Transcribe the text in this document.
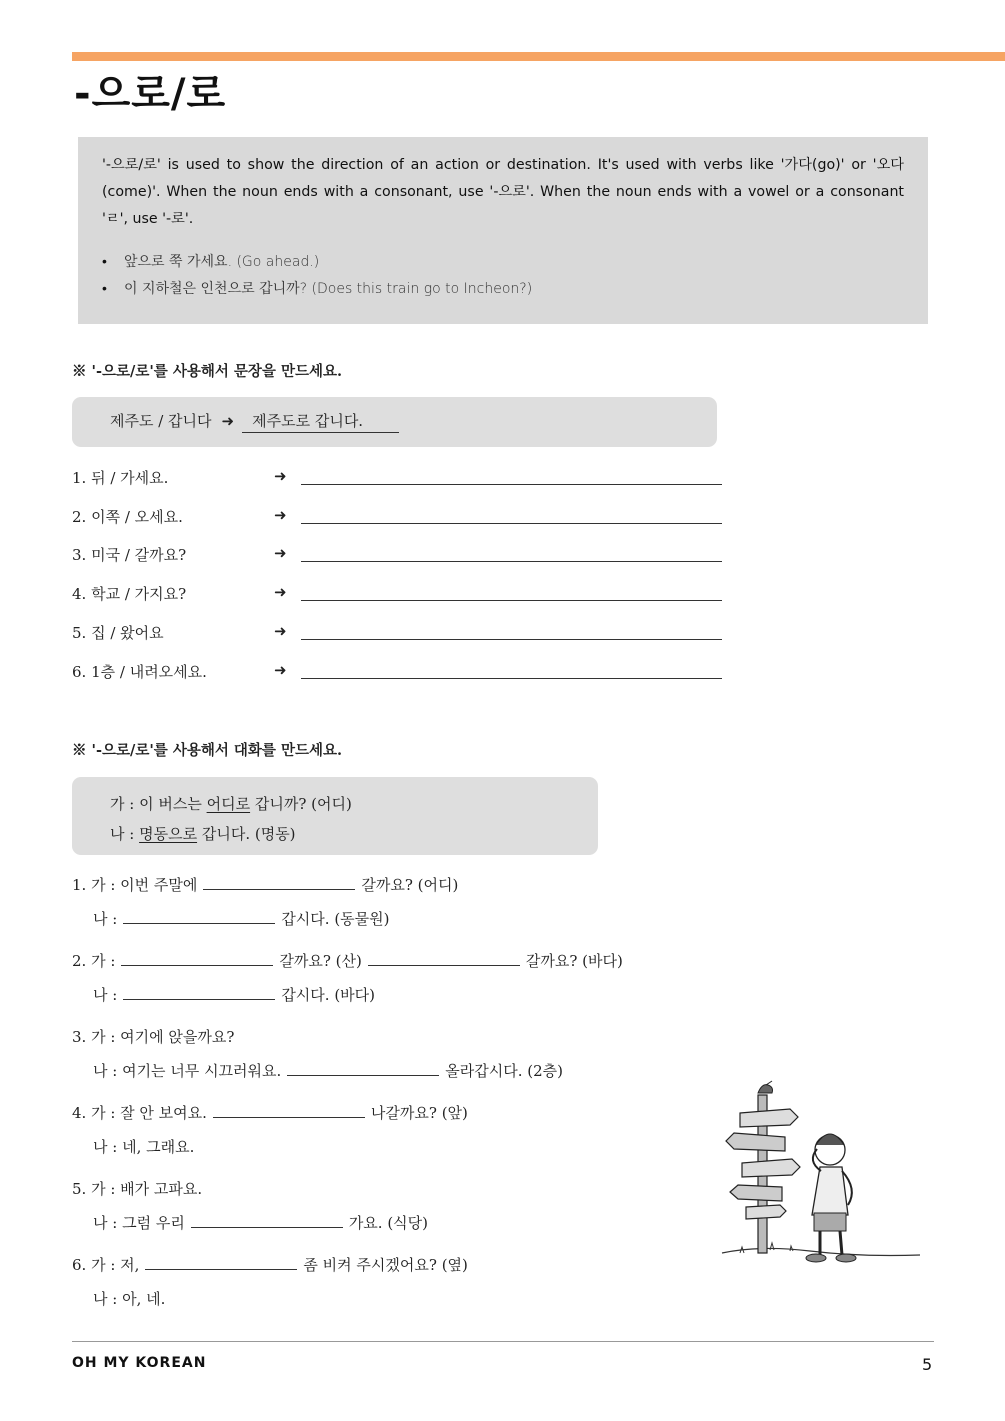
-으로/로

'-으로/로' is used to show the direction of an action or destination. It's used with verbs like '가다(go)' or '오다(come)'. When the noun ends with a consonant, use '-으로'. When the noun ends with a vowel or a consonant 'ㄹ', use '-로'.

• 앞으로 쭉 가세요. (Go ahead.)
• 이 지하철은 인천으로 갑니까? (Does this train go to Incheon?)
※ '-으로/로'를 사용해서 문장을 만드세요.
제주도 / 갑니다 ➜ 제주도로 갑니다.
1. 뒤 / 가세요.	➜
2. 이쪽 / 오세요.	➜
3. 미국 / 갈까요?	➜
4. 학교 / 가지요?	➜
5. 집 / 왔어요	➜
6. 1층 / 내려오세요.	➜
※ '-으로/로'를 사용해서 대화를 만드세요.
가 : 이 버스는 어디로 갑니까? (어디)
나 : 명동으로 갑니다. (명동)
1. 가 : 이번 주말에	갈까요? (어디)
나 :	갑시다. (동물원)
2. 가 :	갈까요? (산)	갈까요? (바다)
나 :	갑시다. (바다)
3. 가 : 여기에 앉을까요?
나 : 여기는 너무 시끄러워요.	올라갑시다. (2층)
4. 가 : 잘 안 보여요.	나갈까요? (앞)
나 : 네, 그래요.
5. 가 : 배가 고파요.
나 : 그럼 우리	가요. (식당)
6. 가 : 저,	좀 비켜 주시겠어요? (옆)
나 : 아, 네.
OH MY KOREAN	5
